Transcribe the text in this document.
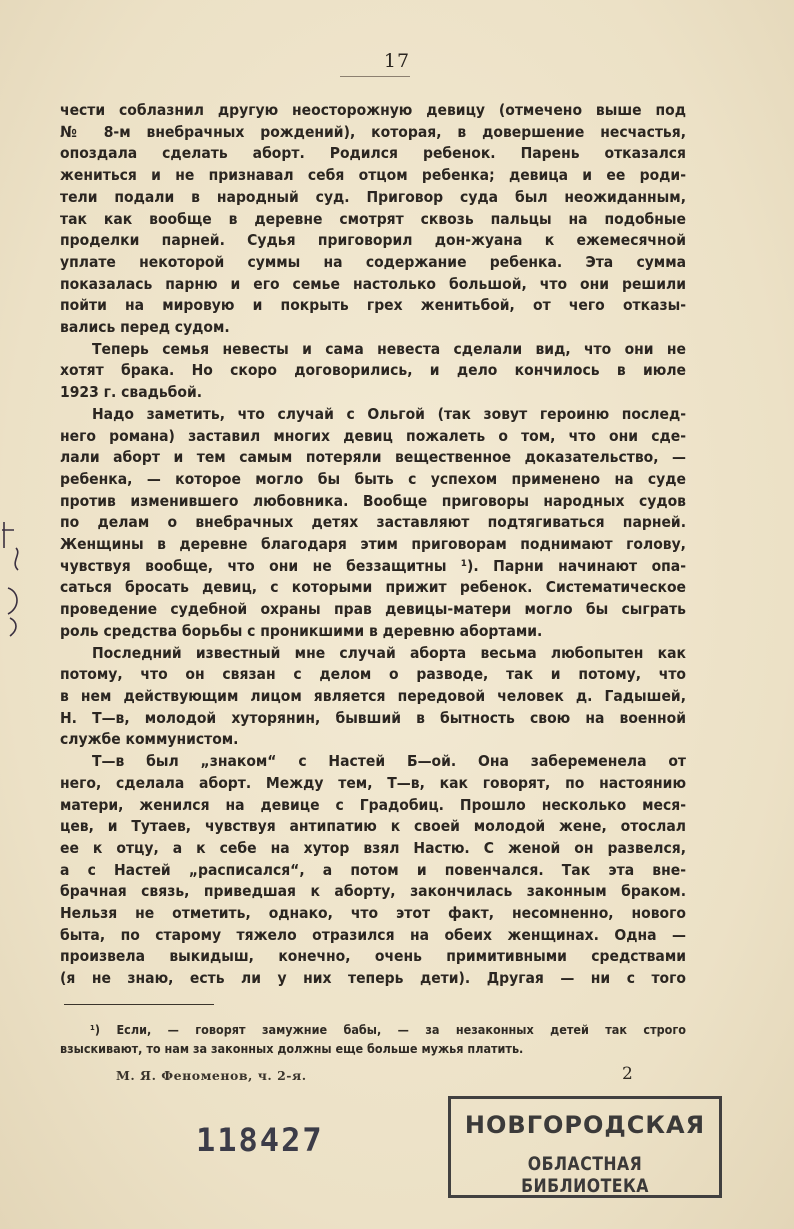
17
чести соблазнил другую неосторожную девицу (отмечено выше под
№ 8-м внебрачных рождений), которая, в довершение несчастья,
опоздала сделать аборт. Родился ребенок. Парень отказался
жениться и не признавал себя отцом ребенка; девица и ее роди-
тели подали в народный суд. Приговор суда был неожиданным,
так как вообще в деревне смотрят сквозь пальцы на подобные
проделки парней. Судья приговорил дон-жуана к ежемесячной
уплате некоторой суммы на содержание ребенка. Эта сумма
показалась парню и его семье настолько большой, что они решили
пойти на мировую и покрыть грех женитьбой, от чего отказы-
вались перед судом.
Теперь семья невесты и сама невеста сделали вид, что они не
хотят брака. Но скоро договорились, и дело кончилось в июле
1923 г. свадьбой.
Надо заметить, что случай с Ольгой (так зовут героиню послед-
него романа) заставил многих девиц пожалеть о том, что они сде-
лали аборт и тем самым потеряли вещественное доказательство, —
ребенка, — которое могло бы быть с успехом применено на суде
против изменившего любовника. Вообще приговоры народных судов
по делам о внебрачных детях заставляют подтягиваться парней.
Женщины в деревне благодаря этим приговорам поднимают голову,
чувствуя вообще, что они не беззащитны ¹). Парни начинают опа-
саться бросать девиц, с которыми прижит ребенок. Систематическое
проведение судебной охраны прав девицы-матери могло бы сыграть
роль средства борьбы с проникшими в деревню абортами.
Последний известный мне случай аборта весьма любопытен как
потому, что он связан с делом о разводе, так и потому, что
в нем действующим лицом является передовой человек д. Гадышей,
Н. Т—в, молодой хуторянин, бывший в бытность свою на военной
службе коммунистом.
Т—в был „знаком“ с Настей Б—ой. Она забеременела от
него, сделала аборт. Между тем, Т—в, как говорят, по настоянию
матери, женился на девице с Градобиц. Прошло несколько меся-
цев, и Тутаев, чувствуя антипатию к своей молодой жене, отослал
ее к отцу, а к себе на хутор взял Настю. С женой он развелся,
а с Настей „расписался“, а потом и повенчался. Так эта вне-
брачная связь, приведшая к аборту, закончилась законным браком.
Нельзя не отметить, однако, что этот факт, несомненно, нового
быта, по старому тяжело отразился на обеих женщинах. Одна —
произвела выкидыш, конечно, очень примитивными средствами
(я не знаю, есть ли у них теперь дети). Другая — ни с того
¹) Если, — говорят замужние бабы, — за незаконных детей так строго
взыскивают, то нам за законных должны еще больше мужья платить.
М. Я. Феноменов, ч. 2-я.	2
118427	НОВГОРОДСКАЯ
ОБЛАСТНАЯ БИБЛИОТЕКА
